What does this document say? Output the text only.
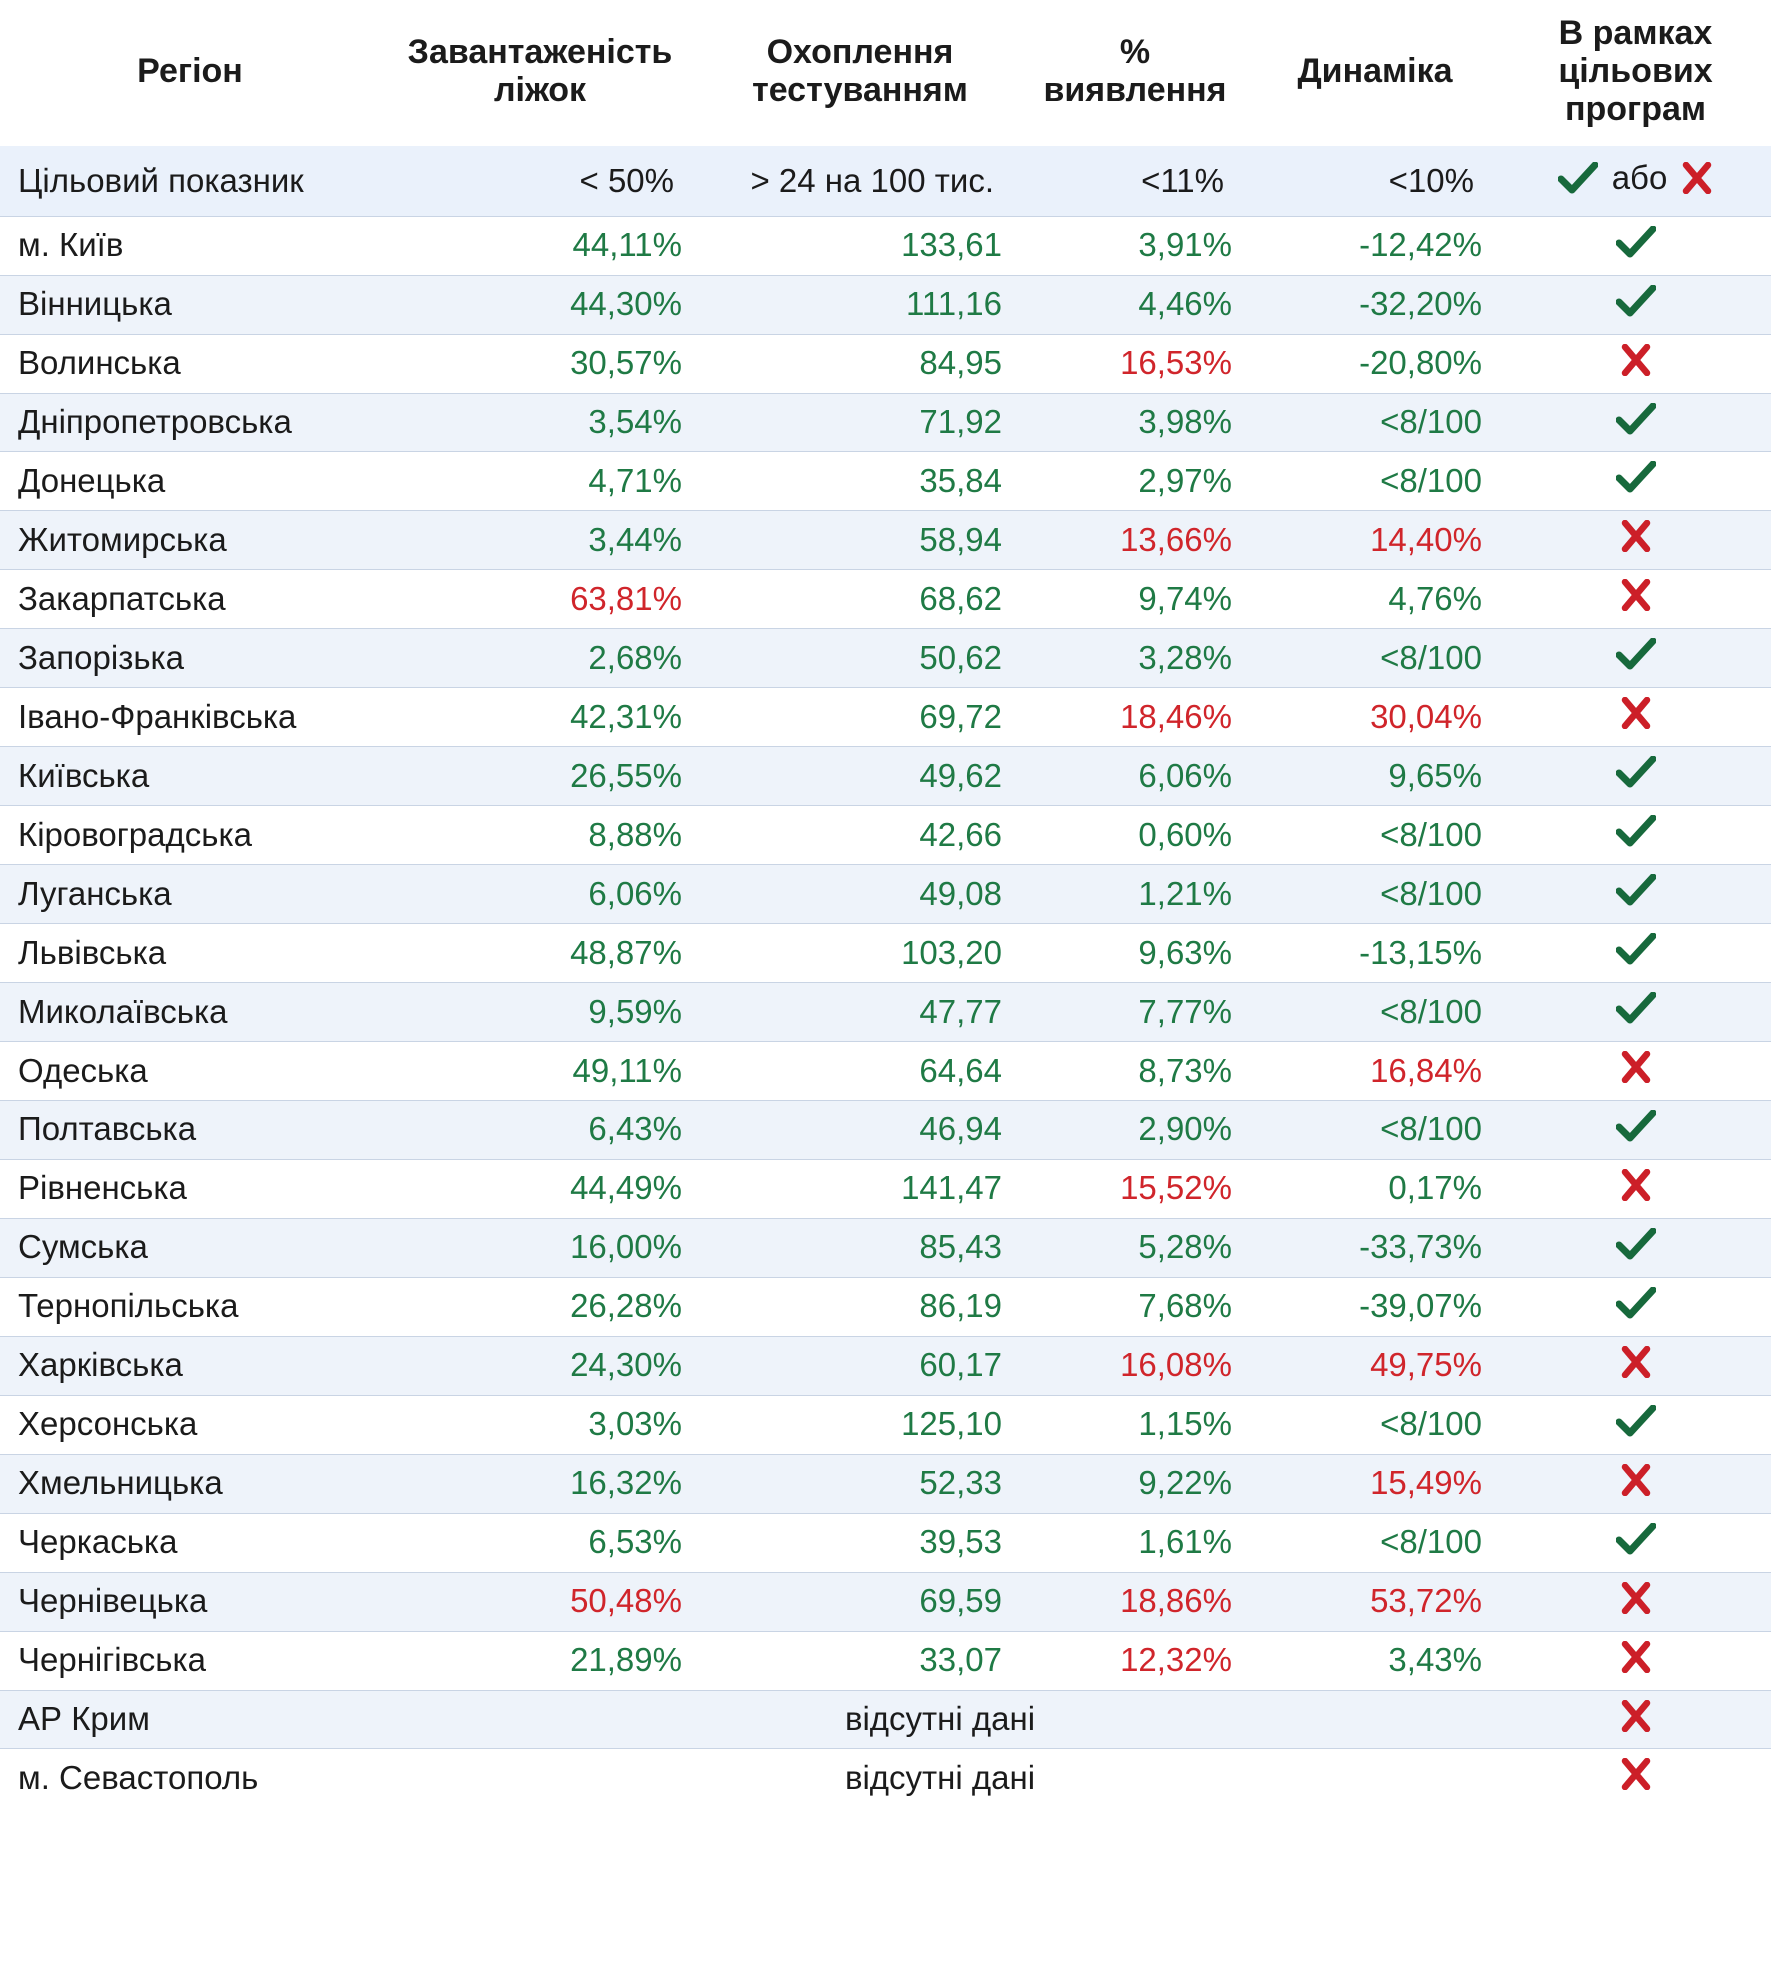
Регіон	Завантаженість ліжок	Охоплення тестуванням	% виявлення	Динаміка	В рамках цільових програм
Цільовий показник	< 50%	> 24 на 100 тис.	<11%	<10%	або

м. Київ	44,11%	133,61	3,91%	-12,42%	

Вінницька	44,30%	111,16	4,46%	-32,20%	

Волинська	30,57%	84,95	16,53%	-20,80%	

Дніпропетровська	3,54%	71,92	3,98%	<8/100	

Донецька	4,71%	35,84	2,97%	<8/100	

Житомирська	3,44%	58,94	13,66%	14,40%	

Закарпатська	63,81%	68,62	9,74%	4,76%	

Запорізька	2,68%	50,62	3,28%	<8/100	

Івано-Франківська	42,31%	69,72	18,46%	30,04%	

Київська	26,55%	49,62	6,06%	9,65%	

Кіровоградська	8,88%	42,66	0,60%	<8/100	

Луганська	6,06%	49,08	1,21%	<8/100	

Львівська	48,87%	103,20	9,63%	-13,15%	

Миколаївська	9,59%	47,77	7,77%	<8/100	

Одеська	49,11%	64,64	8,73%	16,84%	

Полтавська	6,43%	46,94	2,90%	<8/100	

Рівненська	44,49%	141,47	15,52%	0,17%	

Сумська	16,00%	85,43	5,28%	-33,73%	

Тернопільська	26,28%	86,19	7,68%	-39,07%	

Харківська	24,30%	60,17	16,08%	49,75%	

Херсонська	3,03%	125,10	1,15%	<8/100	

Хмельницька	16,32%	52,33	9,22%	15,49%	

Черкаська	6,53%	39,53	1,61%	<8/100	

Чернівецька	50,48%	69,59	18,86%	53,72%	

Чернігівська	21,89%	33,07	12,32%	3,43%	

АР Крим	відсутні дані	

м. Севастополь	відсутні дані	
